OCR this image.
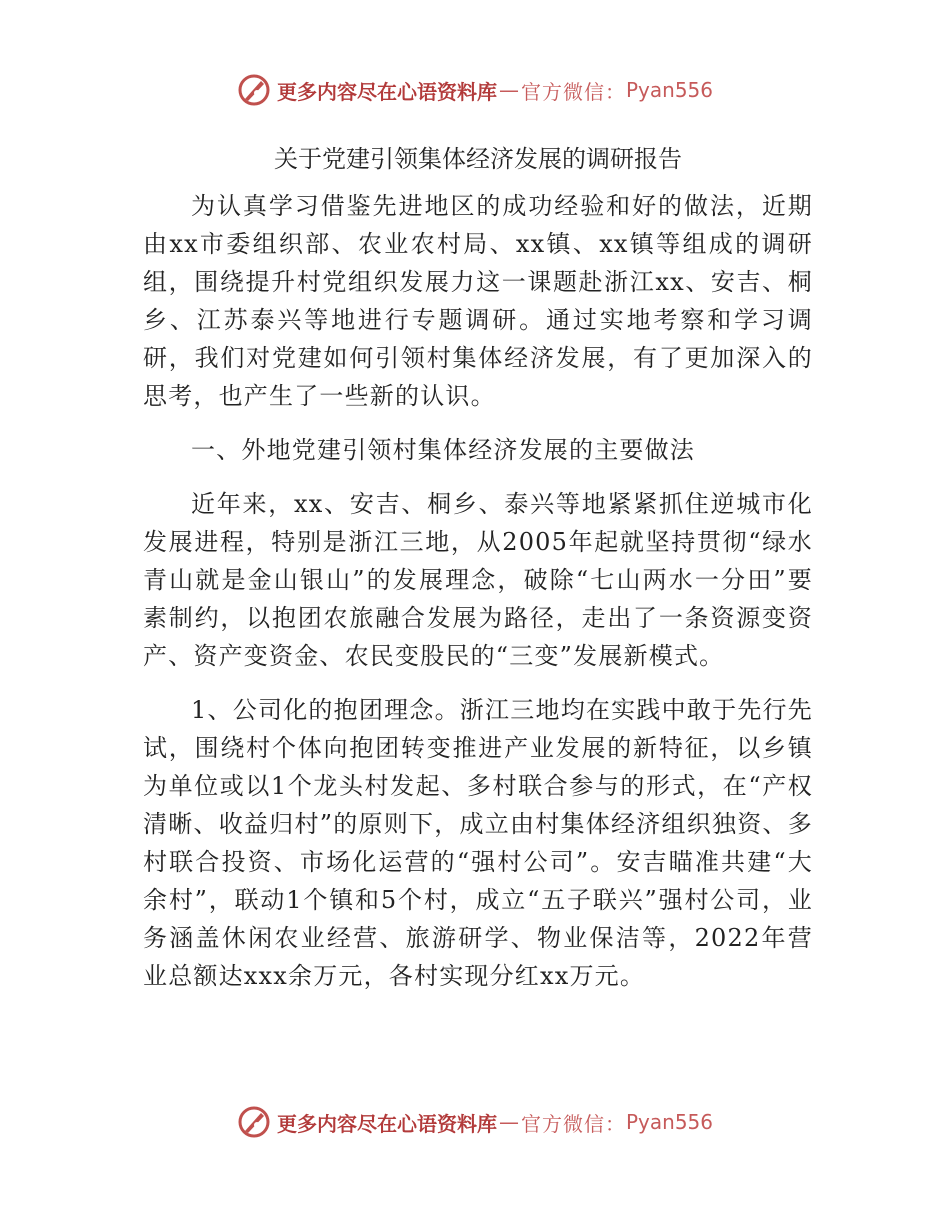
更多内容尽在心语资料库 — 官方微信： Pyan556
关于党建引领集体经济发展的调研报告

为认真学习借鉴先进地区的成功经验和好的做法，近期由xx市委组织部、农业农村局、xx镇、xx镇等组成的调研组，围绕提升村党组织发展力这一课题赴浙江xx、安吉、桐乡、江苏泰兴等地进行专题调研。通过实地考察和学习调研，我们对党建如何引领村集体经济发展，有了更加深入的思考，也产生了一些新的认识。

一、外地党建引领村集体经济发展的主要做法

近年来，xx、安吉、桐乡、泰兴等地紧紧抓住逆城市化发展进程，特别是浙江三地，从2005年起就坚持贯彻“绿水青山就是金山银山”的发展理念，破除“七山两水一分田”要素制约，以抱团农旅融合发展为路径，走出了一条资源变资产、资产变资金、农民变股民的“三变”发展新模式。

1、公司化的抱团理念。浙江三地均在实践中敢于先行先试，围绕村个体向抱团转变推进产业发展的新特征，以乡镇为单位或以1个龙头村发起、多村联合参与的形式，在“产权清晰、收益归村”的原则下，成立由村集体经济组织独资、多村联合投资、市场化运营的“强村公司”。安吉瞄准共建“大余村”，联动1个镇和5个村，成立“五子联兴”强村公司，业务涵盖休闲农业经营、旅游研学、物业保洁等，2022年营业总额达xxx余万元，各村实现分红xx万元。

更多内容尽在心语资料库 — 官方微信： Pyan556
